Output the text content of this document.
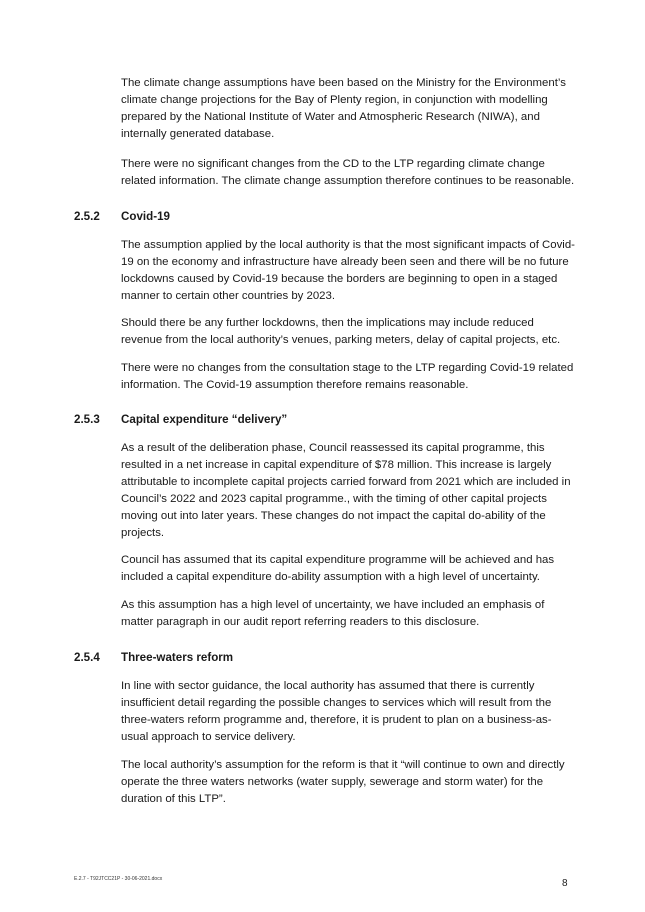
The climate change assumptions have been based on the Ministry for the Environment’s climate change projections for the Bay of Plenty region, in conjunction with modelling prepared by the National Institute of Water and Atmospheric Research (NIWA), and internally generated database.

There were no significant changes from the CD to the LTP regarding climate change related information. The climate change assumption therefore continues to be reasonable.

2.5.2 Covid-19

The assumption applied by the local authority is that the most significant impacts of Covid-19 on the economy and infrastructure have already been seen and there will be no future lockdowns caused by Covid-19 because the borders are beginning to open in a staged manner to certain other countries by 2023.

Should there be any further lockdowns, then the implications may include reduced revenue from the local authority’s venues, parking meters, delay of capital projects, etc.

There were no changes from the consultation stage to the LTP regarding Covid-19 related information. The Covid-19 assumption therefore remains reasonable.

2.5.3 Capital expenditure “delivery”

As a result of the deliberation phase, Council reassessed its capital programme, this resulted in a net increase in capital expenditure of $78 million. This increase is largely attributable to incomplete capital projects carried forward from 2021 which are included in Council’s 2022 and 2023 capital programme., with the timing of other capital projects moving out into later years. These changes do not impact the capital do-ability of the projects.

Council has assumed that its capital expenditure programme will be achieved and has included a capital expenditure do-ability assumption with a high level of uncertainty.

As this assumption has a high level of uncertainty, we have included an emphasis of matter paragraph in our audit report referring readers to this disclosure.

2.5.4 Three-waters reform

In line with sector guidance, the local authority has assumed that there is currently insufficient detail regarding the possible changes to services which will result from the three-waters reform programme and, therefore, it is prudent to plan on a business-as-usual approach to service delivery.

The local authority’s assumption for the reform is that it “will continue to own and directly operate the three waters networks (water supply, sewerage and storm water) for the duration of this LTP”.

E.2.7 - T92JTCC21P - 30-06-2021.docx	8
